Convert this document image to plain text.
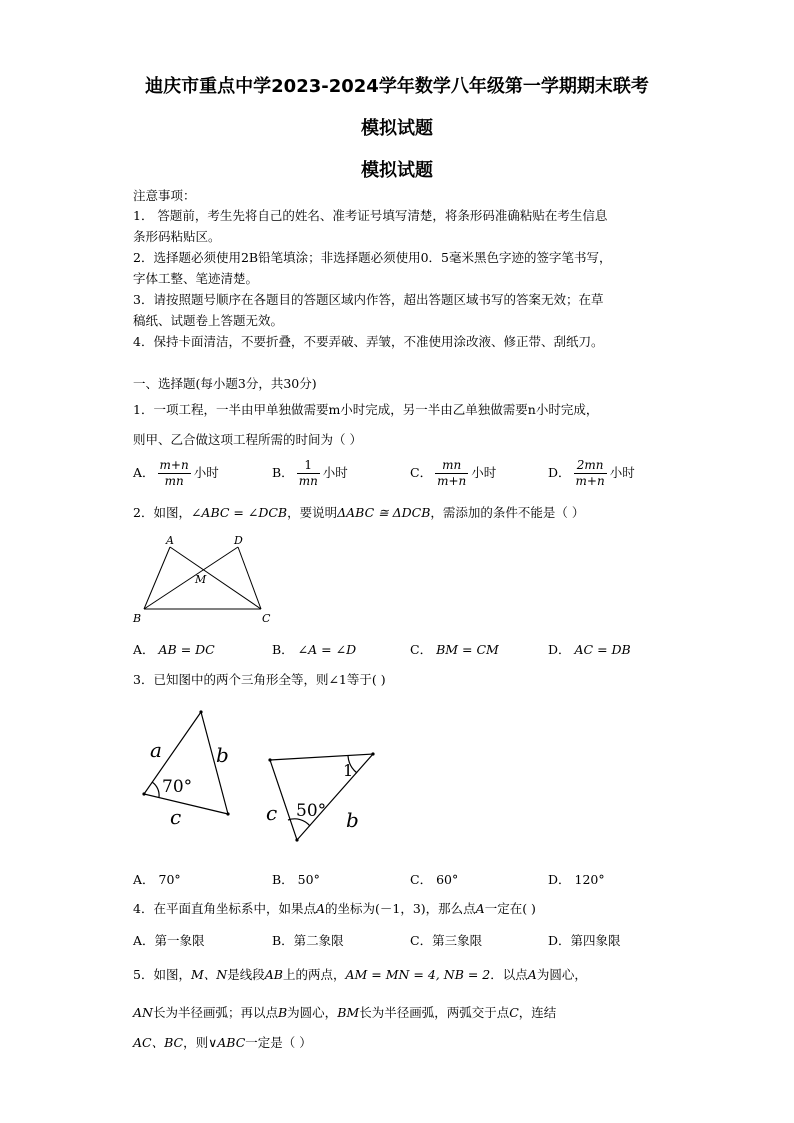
迪庆市重点中学2023-2024学年数学八年级第一学期期末联考
模拟试题
模拟试题
注意事项：
1． 答题前，考生先将自己的姓名、准考证号填写清楚，将条形码准确粘贴在考生信息
条形码粘贴区。
2．选择题必须使用2B铅笔填涂；非选择题必须使用0．5毫米黑色字迹的签字笔书写，
字体工整、笔迹清楚。
3．请按照题号顺序在各题目的答题区域内作答，超出答题区域书写的答案无效；在草
稿纸、试题卷上答题无效。
4．保持卡面清洁，不要折叠，不要弄破、弄皱，不准使用涂改液、修正带、刮纸刀。
一、选择题(每小题3分，共30分)
1．一项工程，一半由甲单独做需要m小时完成，另一半由乙单独做需要n小时完成，
则甲、乙合做这项工程所需的时间为（ ）
A． $\frac{m+n}{mn}$ 小时	B． $\frac{1}{mn}$ 小时	C． $\frac{mn}{m+n}$ 小时	D． $\frac{2mn}{m+n}$ 小时
2．如图，∠ABC = ∠DCB，要说明ΔABC ≅ ΔDCB，需添加的条件不能是（ ）
A	D
M
B	C
A． AB = DC	B． ∠A = ∠D	C． BM = CM	D． AC = DB
3．已知图中的两个三角形全等，则∠1等于( )
a	b
c
70°
c	b
50°
1
A． 70°	B． 50°	C． 60°	D． 120°
4．在平面直角坐标系中，如果点A的坐标为(－1，3)，那么点A一定在( )
A．第一象限	B．第二象限	C．第三象限	D．第四象限
5．如图，M、N是线段AB上的两点，AM = MN = 4, NB = 2．以点A为圆心，
AN长为半径画弧；再以点B为圆心，BM长为半径画弧，两弧交于点C，连结
AC、BC，则∨ABC一定是（ ）
